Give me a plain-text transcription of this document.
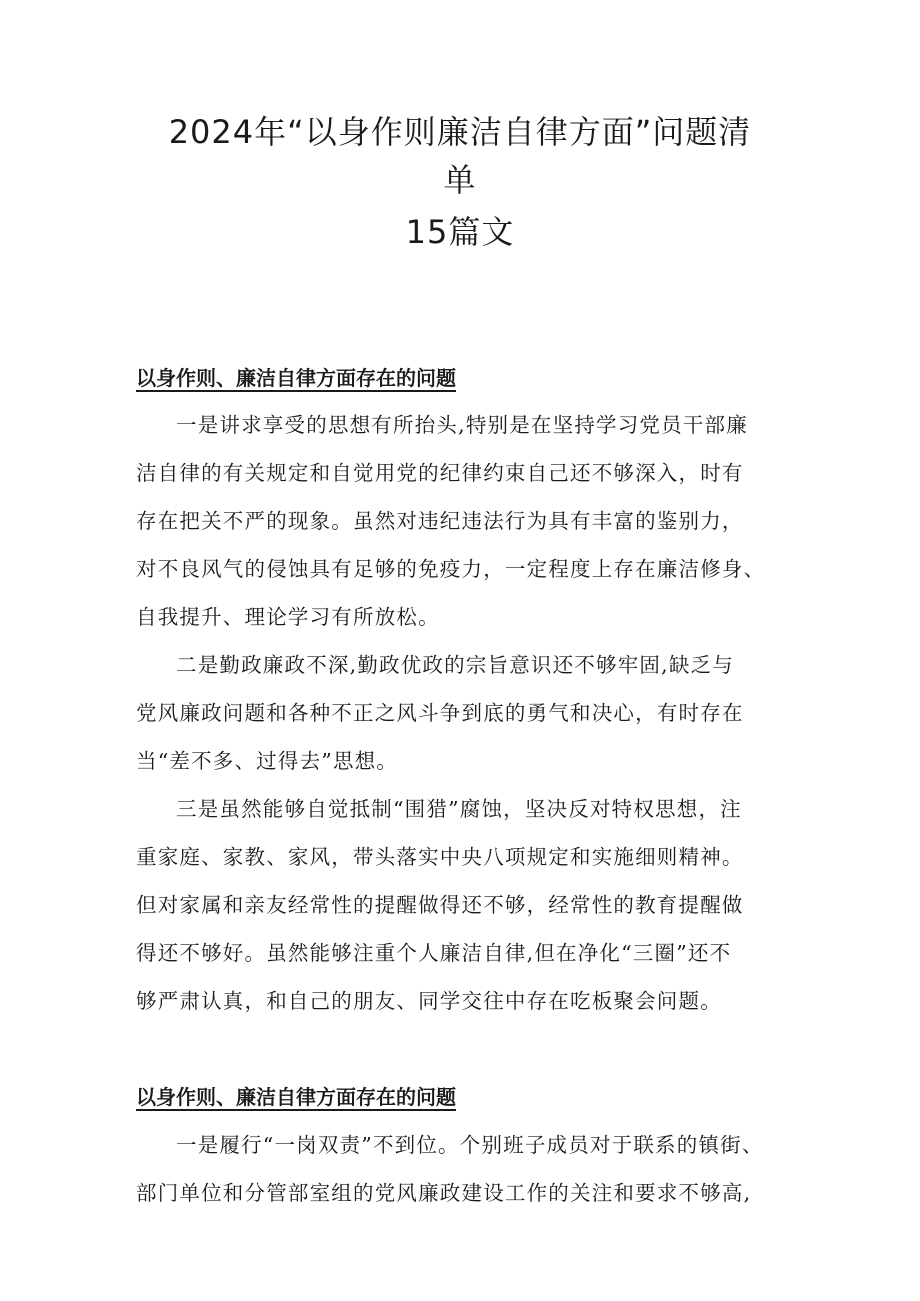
2024年“以身作则廉洁自律方面”问题清
单
15篇文
以身作则、廉洁自律方面存在的问题
一是讲求享受的思想有所抬头,特别是在坚持学习党员干部廉
洁自律的有关规定和自觉用党的纪律约束自己还不够深入，时有
存在把关不严的现象。虽然对违纪违法行为具有丰富的鉴别力，
对不良风气的侵蚀具有足够的免疫力，一定程度上存在廉洁修身、
自我提升、理论学习有所放松。
二是勤政廉政不深,勤政优政的宗旨意识还不够牢固,缺乏与
党风廉政问题和各种不正之风斗争到底的勇气和决心，有时存在
当“差不多、过得去”思想。
三是虽然能够自觉抵制“围猎”腐蚀，坚决反对特权思想，注
重家庭、家教、家风，带头落实中央八项规定和实施细则精神。
但对家属和亲友经常性的提醒做得还不够，经常性的教育提醒做
得还不够好。虽然能够注重个人廉洁自律,但在净化“三圈”还不
够严肃认真，和自己的朋友、同学交往中存在吃板聚会问题。
以身作则、廉洁自律方面存在的问题
一是履行“一岗双责”不到位。个别班子成员对于联系的镇街、
部门单位和分管部室组的党风廉政建设工作的关注和要求不够高,
